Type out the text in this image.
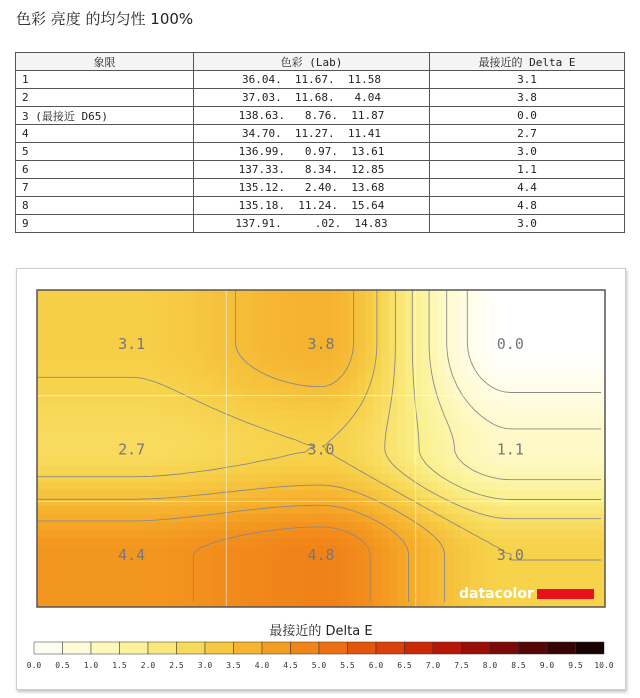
色彩 亮度 的均匀性 100%
象限	色彩 (Lab)	最接近的 Delta E
1	36.04.  11.67.  11.58	3.1
2	37.03.  11.68.   4.04	3.8
3 (最接近 D65)	138.63.   8.76.  11.87	0.0
4	34.70.  11.27.  11.41	2.7
5	136.99.   0.97.  13.61	3.0
6	137.33.   8.34.  12.85	1.1
7	135.12.   2.40.  13.68	4.4
8	135.18.  11.24.  15.64	4.8
9	137.91.     .02.  14.83	3.0
3.1	3.8	0.0
2.7	3.0	1.1
4.4	4.8	3.0
datacolor
最接近的 Delta E
0.0 0.5 1.0 1.5 2.0 2.5 3.0 3.5 4.0 4.5 5.0 5.5 6.0 6.5 7.0 7.5 8.0 8.5 9.0 9.5 10.0
